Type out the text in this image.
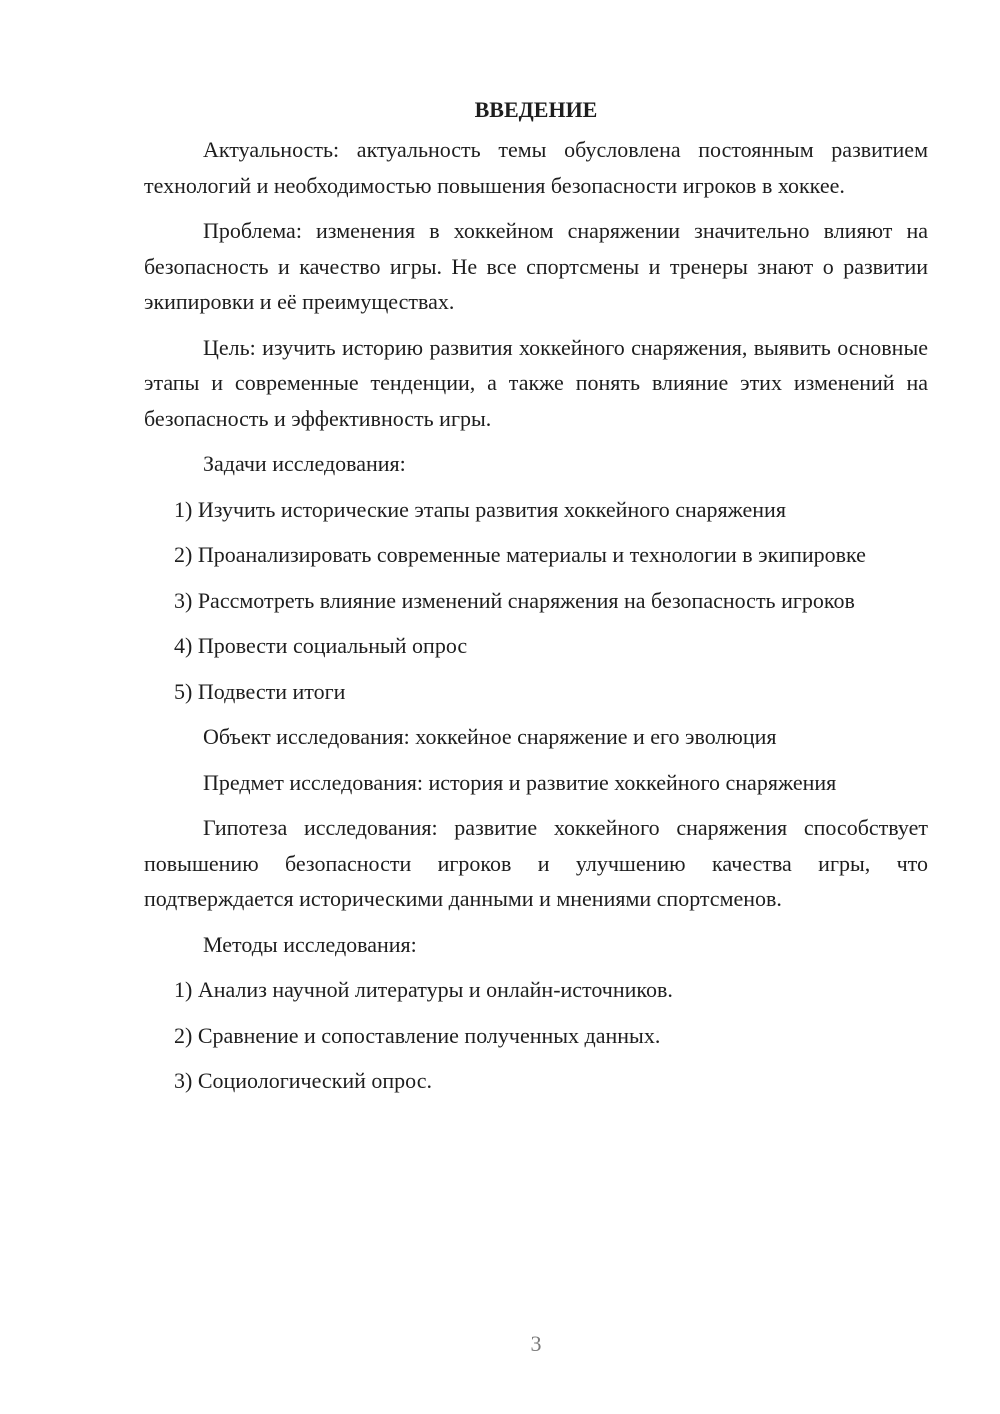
ВВЕДЕНИЕ
Актуальность: актуальность темы обусловлена постоянным развитием технологий и необходимостью повышения безопасности игроков в хоккее.
Проблема: изменения в хоккейном снаряжении значительно влияют на безопасность и качество игры. Не все спортсмены и тренеры знают о развитии экипировки и её преимуществах.
Цель: изучить историю развития хоккейного снаряжения, выявить основные этапы и современные тенденции, а также понять влияние этих изменений на безопасность и эффективность игры.
Задачи исследования:
1) Изучить исторические этапы развития хоккейного снаряжения
2) Проанализировать современные материалы и технологии в экипировке
3) Рассмотреть влияние изменений снаряжения на безопасность игроков
4) Провести социальный опрос
5) Подвести итоги
Объект исследования: хоккейное снаряжение и его эволюция
Предмет исследования: история и развитие хоккейного снаряжения
Гипотеза исследования: развитие хоккейного снаряжения способствует повышению безопасности игроков и улучшению качества игры, что подтверждается историческими данными и мнениями спортсменов.
Методы исследования:
1) Анализ научной литературы и онлайн-источников.
2) Сравнение и сопоставление полученных данных.
3) Социологический опрос.
3
